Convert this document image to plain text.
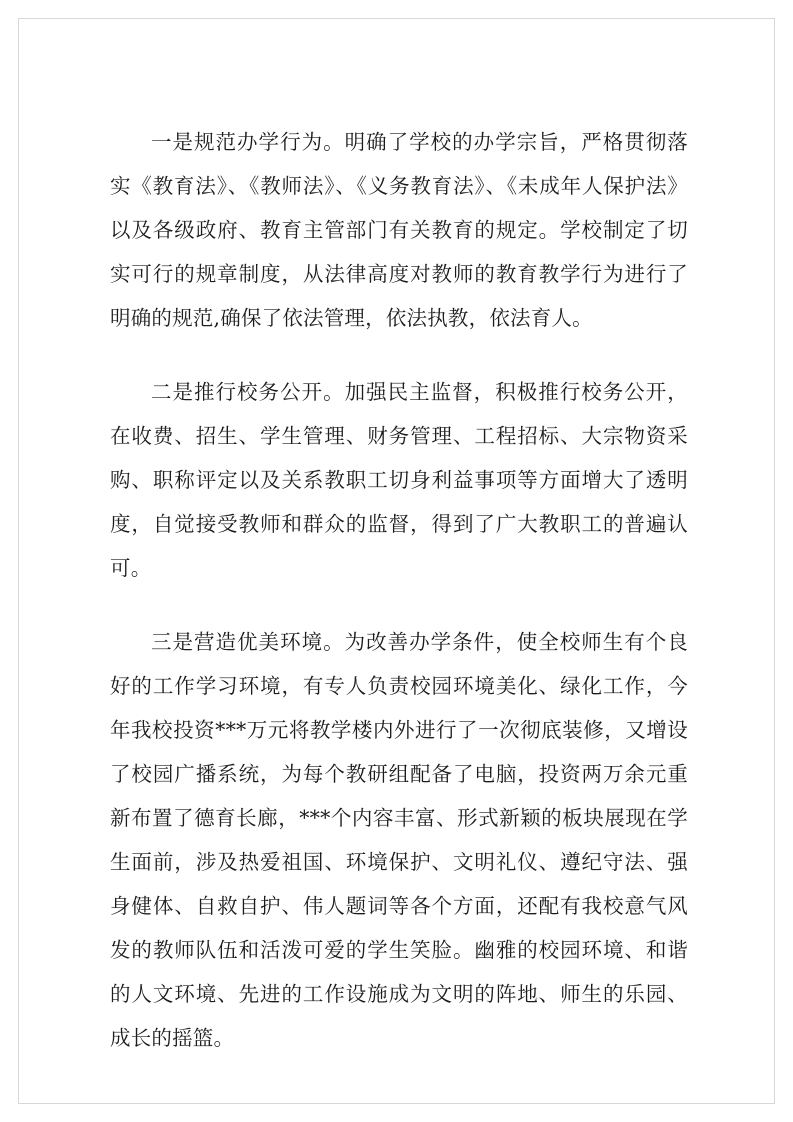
一是规范办学行为。明确了学校的办学宗旨，严格贯彻落实《教育法》、《教师法》、《义务教育法》、《未成年人保护法》以及各级政府、教育主管部门有关教育的规定。学校制定了切实可行的规章制度，从法律高度对教师的教育教学行为进行了明确的规范,确保了依法管理，依法执教，依法育人。

二是推行校务公开。加强民主监督，积极推行校务公开，在收费、招生、学生管理、财务管理、工程招标、大宗物资采购、职称评定以及关系教职工切身利益事项等方面增大了透明度，自觉接受教师和群众的监督，得到了广大教职工的普遍认可。

三是营造优美环境。为改善办学条件，使全校师生有个良好的工作学习环境，有专人负责校园环境美化、绿化工作，今年我校投资***万元将教学楼内外进行了一次彻底装修，又增设了校园广播系统，为每个教研组配备了电脑，投资两万余元重新布置了德育长廊，***个内容丰富、形式新颖的板块展现在学生面前，涉及热爱祖国、环境保护、文明礼仪、遵纪守法、强身健体、自救自护、伟人题词等各个方面，还配有我校意气风发的教师队伍和活泼可爱的学生笑脸。幽雅的校园环境、和谐的人文环境、先进的工作设施成为文明的阵地、师生的乐园、成长的摇篮。
